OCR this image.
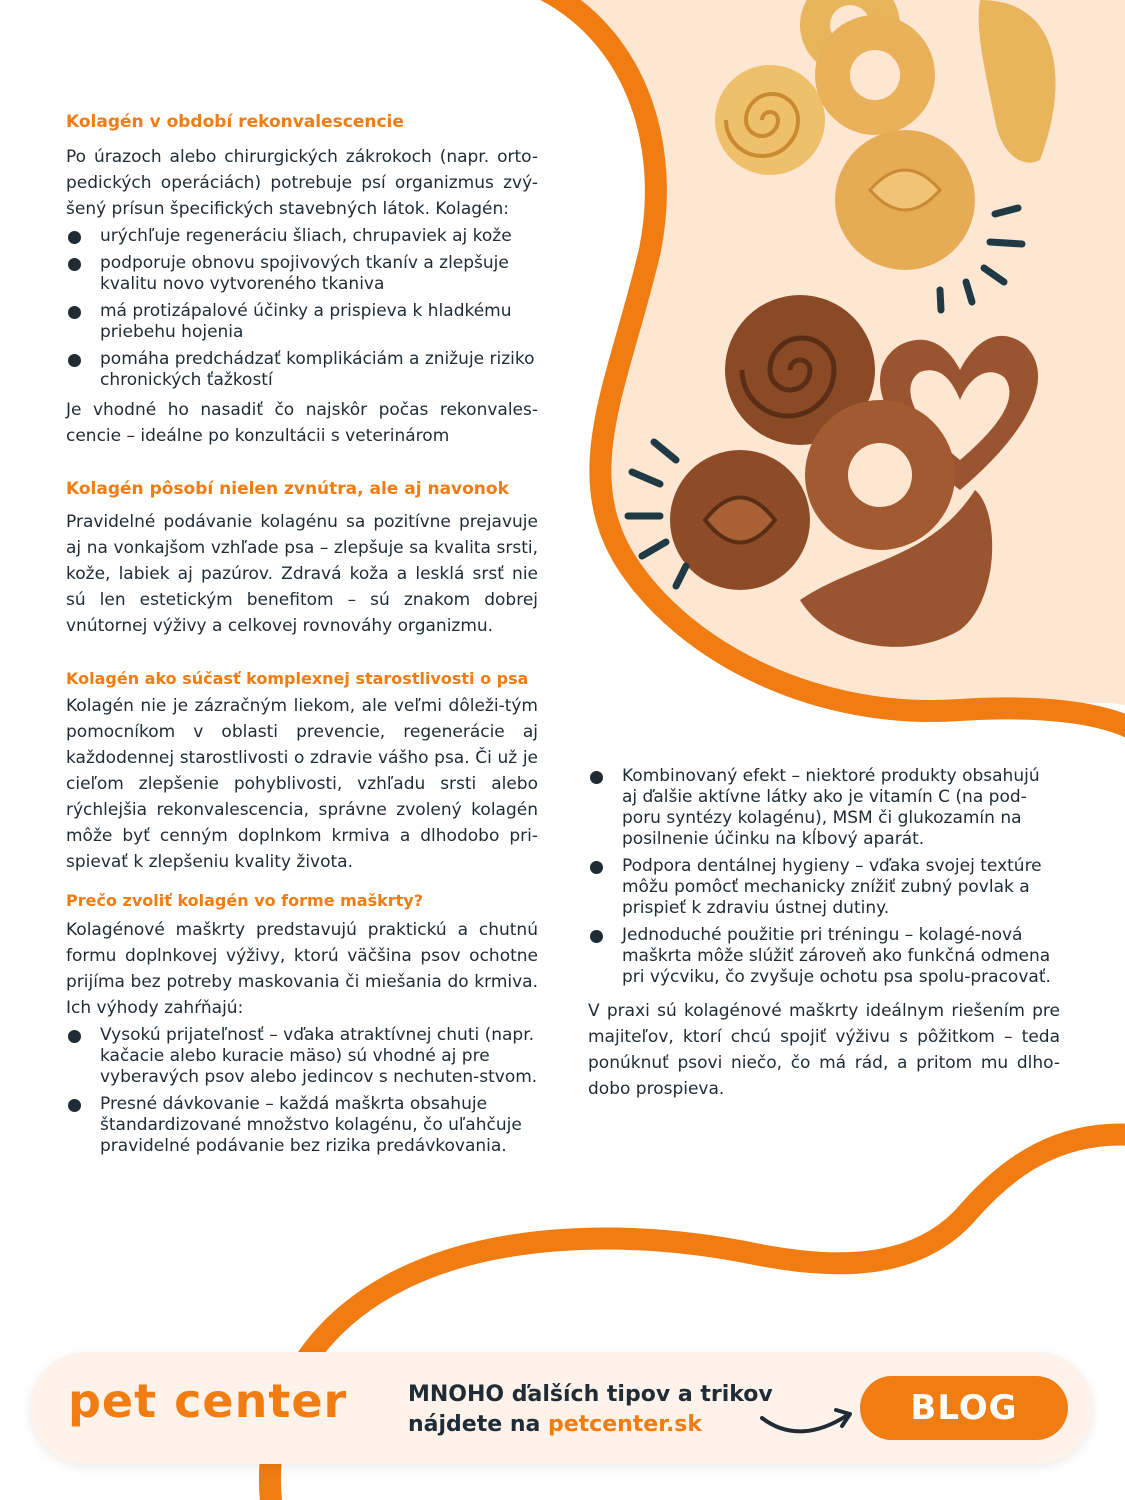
Kolagén v období rekonvalescencie

Po úrazoch alebo chirurgických zákrokoch (napr. orto-pedických operáciách) potrebuje psí organizmus zvý-šený prísun špecifických stavebných látok. Kolagén:

urýchľuje regeneráciu šliach, chrupaviek aj kože
podporuje obnovu spojivových tkanív a zlepšuje kvalitu novo vytvoreného tkaniva
má protizápalové účinky a prispieva k hladkému priebehu hojenia
pomáha predchádzať komplikáciám a znižuje riziko chronických ťažkostí

Je vhodné ho nasadiť čo najskôr počas rekonvales-cencie – ideálne po konzultácii s veterinárom

Kolagén pôsobí nielen zvnútra, ale aj navonok

Pravidelné podávanie kolagénu sa pozitívne prejavuje aj na vonkajšom vzhľade psa – zlepšuje sa kvalita srsti, kože, labiek aj pazúrov. Zdravá koža a lesklá srsť nie sú len estetickým benefitom – sú znakom dobrej vnútornej výživy a celkovej rovnováhy organizmu.

Kolagén ako súčasť komplexnej starostlivosti o psa

Kolagén nie je zázračným liekom, ale veľmi dôleži-tým pomocníkom v oblasti prevencie, regenerácie aj každodennej starostlivosti o zdravie vášho psa. Či už je cieľom zlepšenie pohyblivosti, vzhľadu srsti alebo rýchlejšia rekonvalescencia, správne zvolený kolagén môže byť cenným doplnkom krmiva a dlhodobo pri-spievať k zlepšeniu kvality života.

Prečo zvoliť kolagén vo forme maškrty?

Kolagénové maškrty predstavujú praktickú a chutnú formu doplnkovej výživy, ktorú väčšina psov ochotne prijíma bez potreby maskovania či miešania do krmiva. Ich výhody zahŕňajú:

Vysokú prijateľnosť – vďaka atraktívnej chuti (napr. kačacie alebo kuracie mäso) sú vhodné aj pre vyberavých psov alebo jedincov s nechuten-stvom.
Presné dávkovanie – každá maškrta obsahuje štandardizované množstvo kolagénu, čo uľahčuje pravidelné podávanie bez rizika predávkovania.
Kombinovaný efekt – niektoré produkty obsahujú aj ďalšie aktívne látky ako je vitamín C (na pod-poru syntézy kolagénu), MSM či glukozamín na posilnenie účinku na kĺbový aparát.
Podpora dentálnej hygieny – vďaka svojej textúre môžu pomôcť mechanicky znížiť zubný povlak a prispieť k zdraviu ústnej dutiny.
Jednoduché použitie pri tréningu – kolagé-nová maškrta môže slúžiť zároveň ako funkčná odmena pri výcviku, čo zvyšuje ochotu psa spolu-pracovať.

V praxi sú kolagénové maškrty ideálnym riešením pre majiteľov, ktorí chcú spojiť výživu s pôžitkom – teda ponúknuť psovi niečo, čo má rád, a pritom mu dlho-dobo prospieva.

pet center	MNOHO ďalších tipov a trikov
nájdete na petcenter.sk	BLOG
